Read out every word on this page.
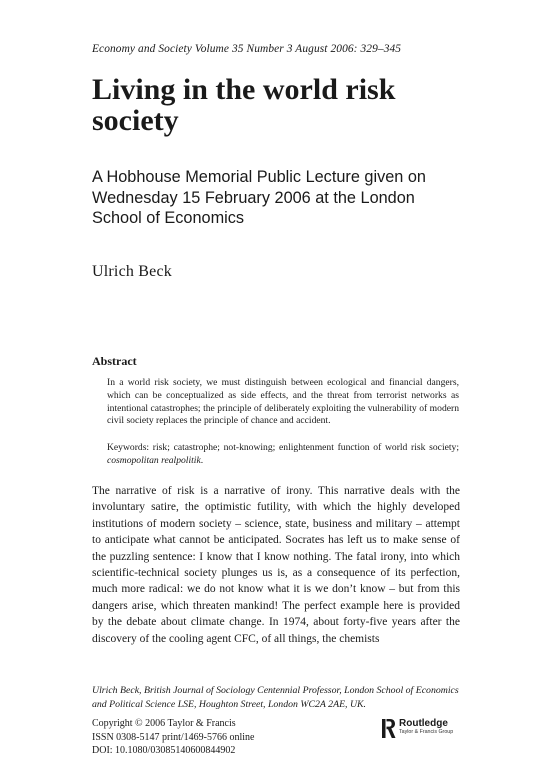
Economy and Society Volume 35 Number 3 August 2006: 329–345
Living in the world risk society
A Hobhouse Memorial Public Lecture given on Wednesday 15 February 2006 at the London School of Economics
Ulrich Beck
Abstract

In a world risk society, we must distinguish between ecological and financial dangers, which can be conceptualized as side effects, and the threat from terrorist networks as intentional catastrophes; the principle of deliberately exploiting the vulnerability of modern civil society replaces the principle of chance and accident.

Keywords: risk; catastrophe; not-knowing; enlightenment function of world risk society; cosmopolitan realpolitik.

The narrative of risk is a narrative of irony. This narrative deals with the involuntary satire, the optimistic futility, with which the highly developed institutions of modern society – science, state, business and military – attempt to anticipate what cannot be anticipated. Socrates has left us to make sense of the puzzling sentence: I know that I know nothing. The fatal irony, into which scientific-technical society plunges us is, as a consequence of its perfection, much more radical: we do not know what it is we don’t know – but from this dangers arise, which threaten mankind! The perfect example here is provided by the debate about climate change. In 1974, about forty-five years after the discovery of the cooling agent CFC, of all things, the chemists

Ulrich Beck, British Journal of Sociology Centennial Professor, London School of Economics and Political Science LSE, Houghton Street, London WC2A 2AE, UK.

Copyright © 2006 Taylor & Francis
ISSN 0308-5147 print/1469-5766 online
DOI: 10.1080/03085140600844902
Routledge
Taylor & Francis Group
